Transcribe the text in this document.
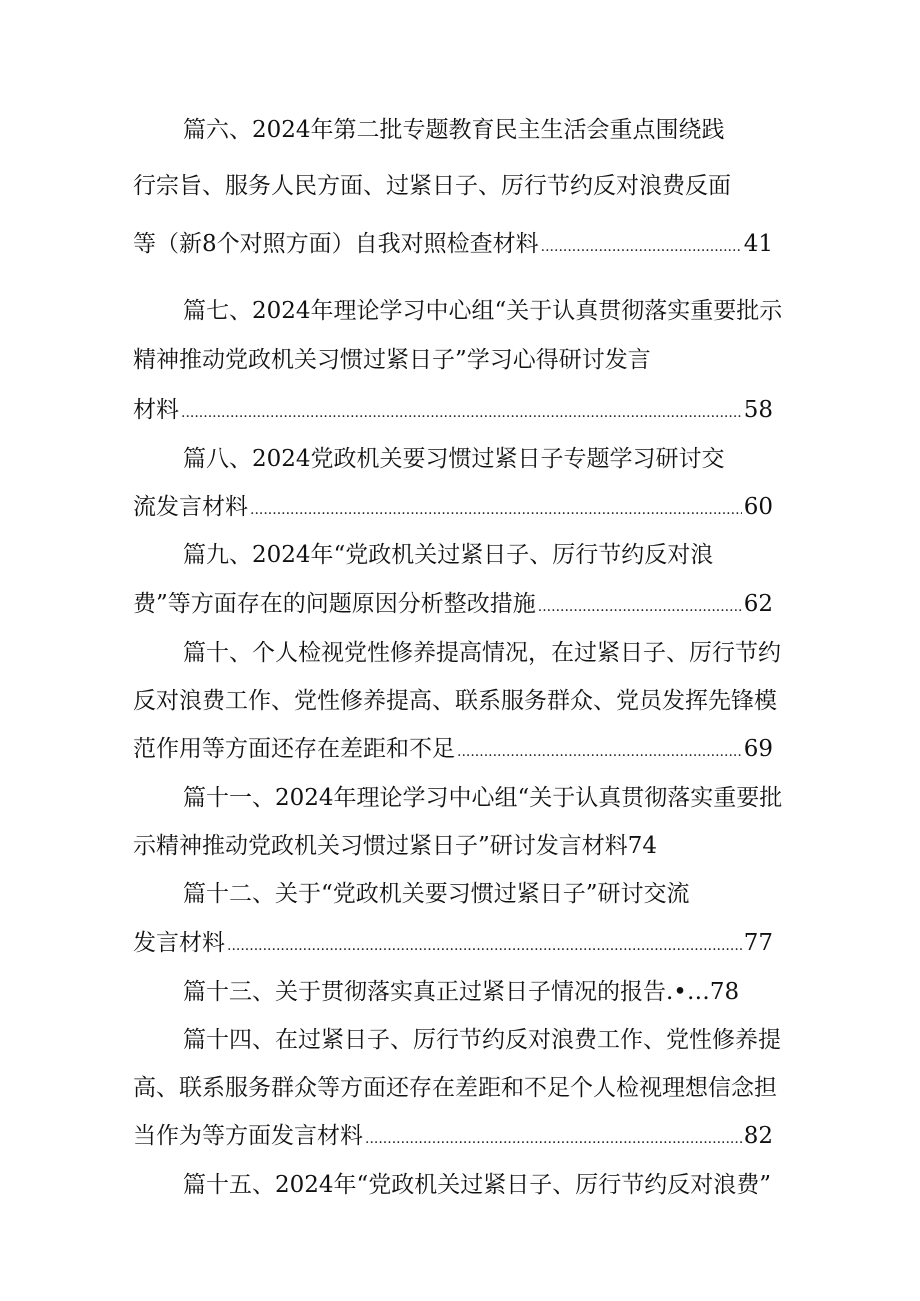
篇六、2024年第二批专题教育民主生活会重点围绕践
行宗旨、服务人民方面、过紧日子、厉行节约反对浪费反面
等（新8个对照方面）自我对照检查材料 .....	41
篇七、2024年理论学习中心组“关于认真贯彻落实重要批示
精神推动党政机关习惯过紧日子”学习心得研讨发言
材料 .....	58
篇八、2024党政机关要习惯过紧日子专题学习研讨交
流发言材料 .....	60
篇九、2024年“党政机关过紧日子、厉行节约反对浪
费”等方面存在的问题原因分析整改措施 .....	62
篇十、个人检视党性修养提高情况，在过紧日子、厉行节约
反对浪费工作、党性修养提高、联系服务群众、党员发挥先锋模
范作用等方面还存在差距和不足 .....	69
篇十一、2024年理论学习中心组“关于认真贯彻落实重要批
示精神推动党政机关习惯过紧日子”研讨发言材料74
篇十二、关于“党政机关要习惯过紧日子”研讨交流
发言材料 .....	77
篇十三、关于贯彻落实真正过紧日子情况的报告.•…78
篇十四、在过紧日子、厉行节约反对浪费工作、党性修养提
高、联系服务群众等方面还存在差距和不足个人检视理想信念担
当作为等方面发言材料 .....	82
篇十五、2024年“党政机关过紧日子、厉行节约反对浪费”
